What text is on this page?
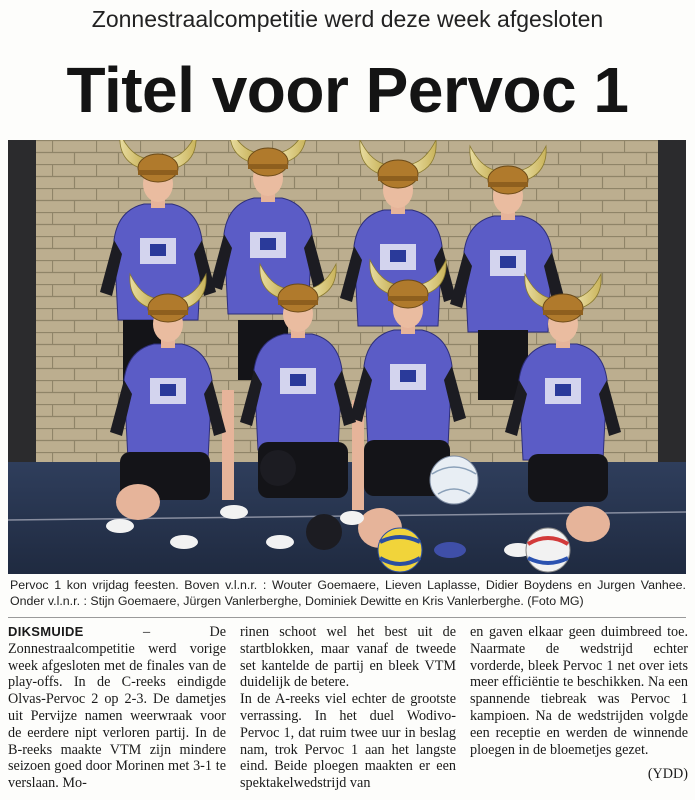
Zonnestraalcompetitie werd deze week afgesloten
Titel voor Pervoc 1
Pervoc 1 kon vrijdag feesten. Boven v.l.n.r. : Wouter Goemaere, Lieven Laplasse, Didier Boydens en Jurgen Vanhee. Onder v.l.n.r. : Stijn Goemaere, Jürgen Vanlerberghe, Dominiek Dewitte en Kris Vanlerberghe. (Foto MG)
DIKSMUIDE – De Zonnestraalcompetitie werd vorige week afgesloten met de finales van de play-offs. In de C-reeks eindigde Olvas-Pervoc 2 op 2-3. De dametjes uit Pervijze namen weerwraak voor de eerdere nipt verloren partij. In de B-reeks maakte VTM zijn mindere seizoen goed door Morinen met 3-1 te verslaan. Mo-

rinen schoot wel het best uit de startblokken, maar vanaf de tweede set kantelde de partij en bleek VTM duidelijk de betere.

In de A-reeks viel echter de grootste verrassing. In het duel Wodivo-Pervoc 1, dat ruim twee uur in beslag nam, trok Pervoc 1 aan het langste eind. Beide ploegen maakten er een spektakelwedstrijd van

en gaven elkaar geen duimbreed toe. Naarmate de wedstrijd echter vorderde, bleek Pervoc 1 net over iets meer efficiëntie te beschikken. Na een spannende tiebreak was Pervoc 1 kampioen. Na de wedstrijden volgde een receptie en werden de winnende ploegen in de bloemetjes gezet.

(YDD)
